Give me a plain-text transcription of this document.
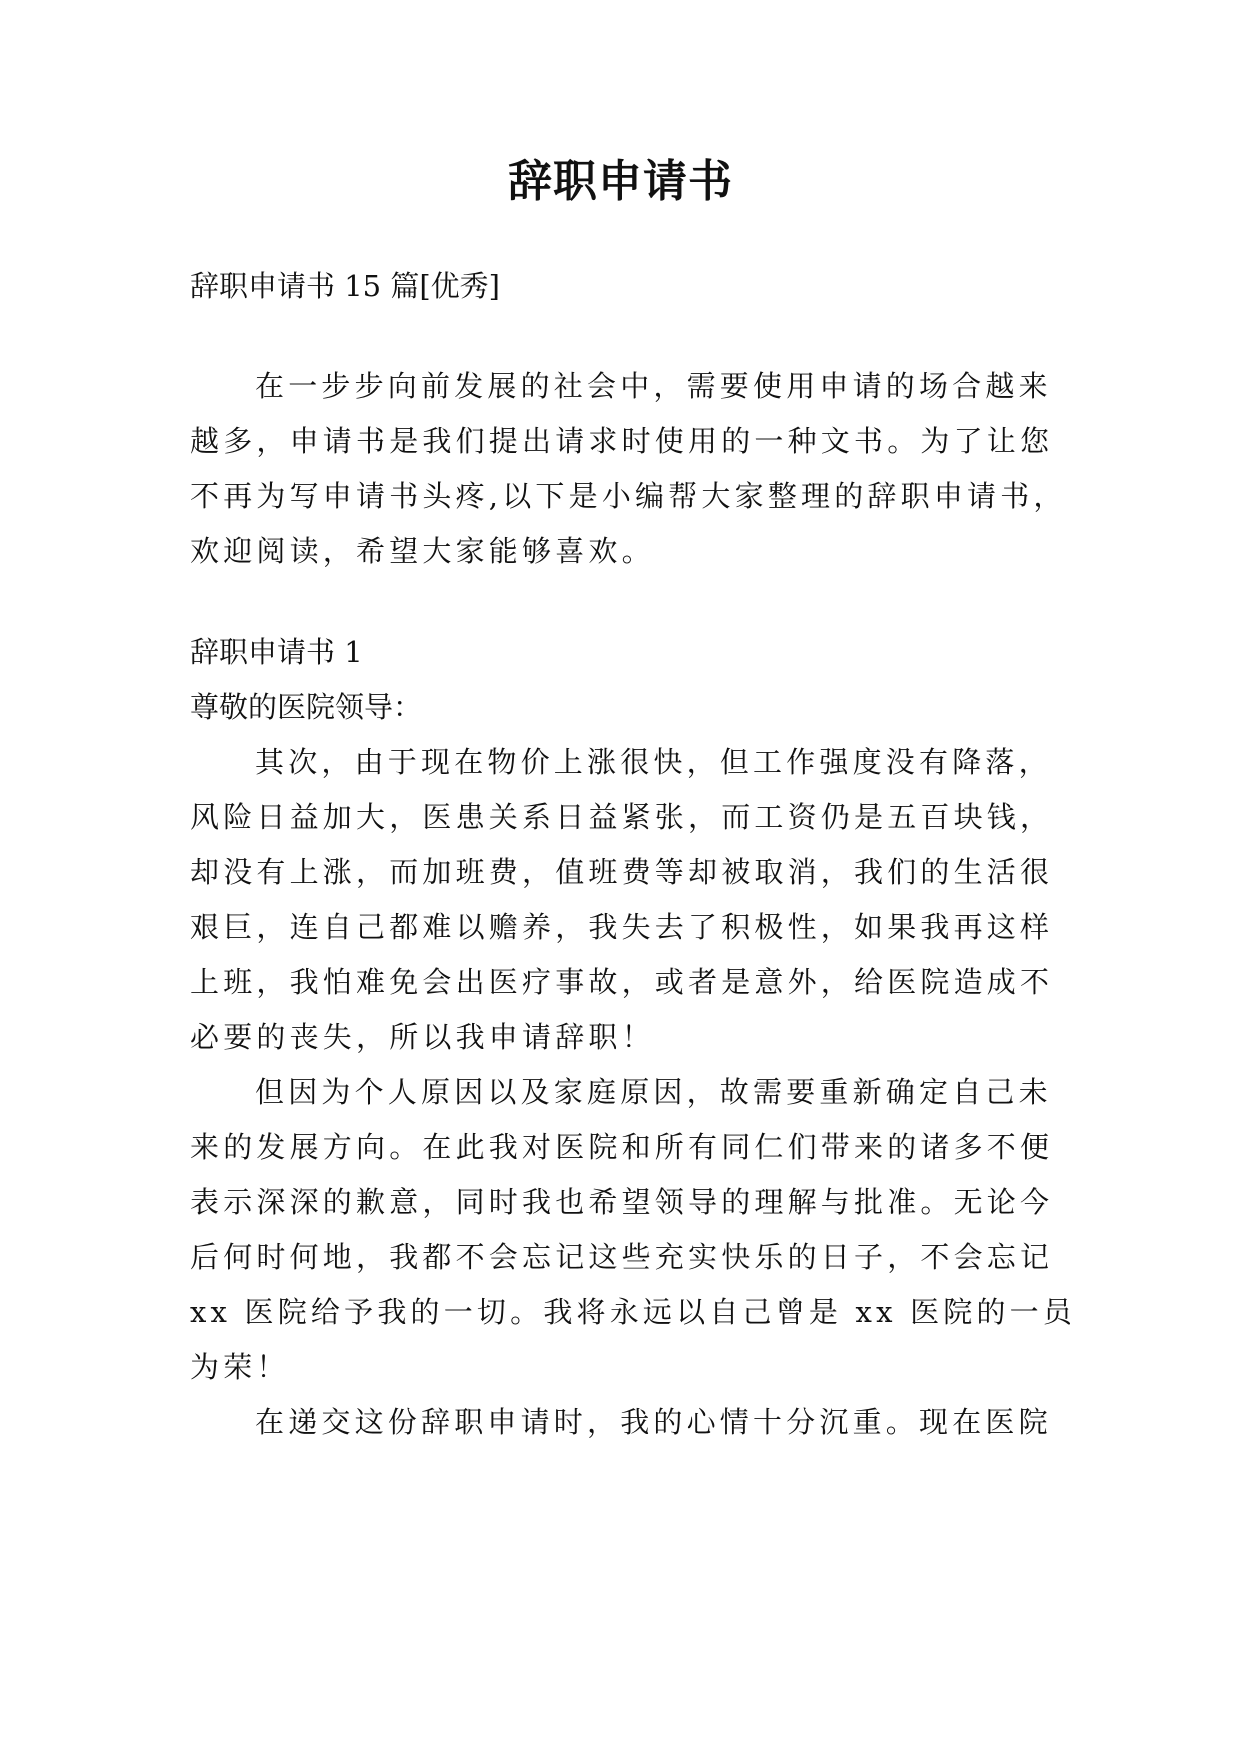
辞职申请书

辞职申请书 15 篇[优秀]

在一步步向前发展的社会中，需要使用申请的场合越来

越多，申请书是我们提出请求时使用的一种文书。为了让您

不再为写申请书头疼,以下是小编帮大家整理的辞职申请书，

欢迎阅读，希望大家能够喜欢。

辞职申请书 1

尊敬的医院领导：

其次，由于现在物价上涨很快，但工作强度没有降落，

风险日益加大，医患关系日益紧张，而工资仍是五百块钱，

却没有上涨，而加班费，值班费等却被取消，我们的生活很

艰巨，连自己都难以赡养，我失去了积极性，如果我再这样

上班，我怕难免会出医疗事故，或者是意外，给医院造成不

必要的丧失，所以我申请辞职！

但因为个人原因以及家庭原因，故需要重新确定自己未

来的发展方向。在此我对医院和所有同仁们带来的诸多不便

表示深深的歉意，同时我也希望领导的理解与批准。无论今

后何时何地，我都不会忘记这些充实快乐的日子，不会忘记

xx 医院给予我的一切。我将永远以自己曾是 xx 医院的一员

为荣！

在递交这份辞职申请时，我的心情十分沉重。现在医院
